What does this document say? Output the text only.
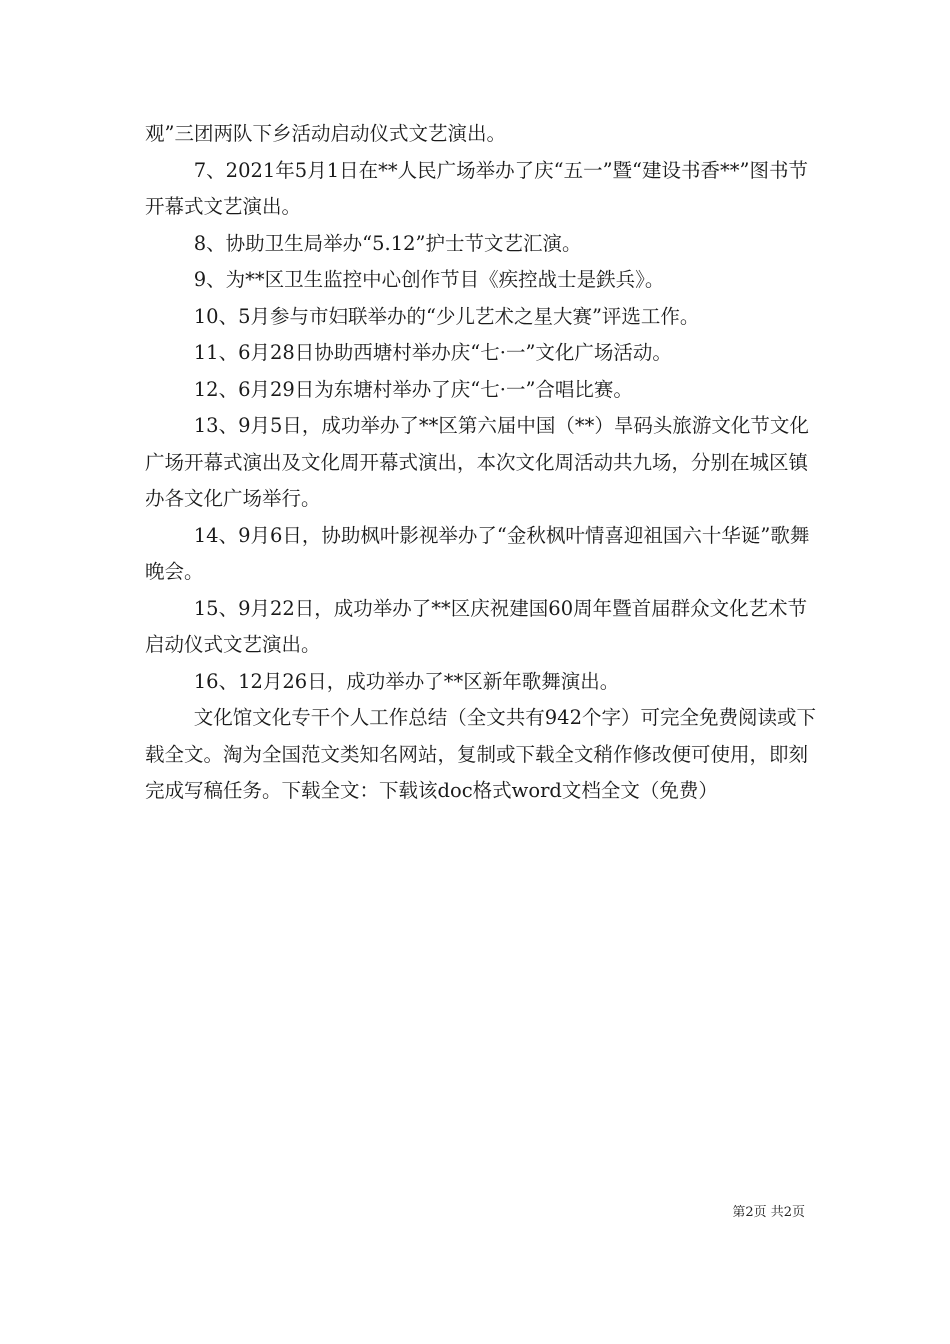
观”三团两队下乡活动启动仪式文艺演出。

7、2021年5月1日在**人民广场举办了庆“五一”暨“建设书香**”图书节开幕式文艺演出。

8、协助卫生局举办“5.12”护士节文艺汇演。

9、为**区卫生监控中心创作节目《疾控战士是鉄兵》。

10、5月参与市妇联举办的“少儿艺术之星大赛”评选工作。

11、6月28日协助西塘村举办庆“七·一”文化广场活动。

12、6月29日为东塘村举办了庆“七·一”合唱比赛。

13、9月5日，成功举办了**区第六届中国（**）旱码头旅游文化节文化广场开幕式演出及文化周开幕式演出，本次文化周活动共九场，分别在城区镇办各文化广场举行。

14、9月6日，协助枫叶影视举办了“金秋枫叶情喜迎祖国六十华诞”歌舞晚会。

15、9月22日，成功举办了**区庆祝建国60周年暨首届群众文化艺术节启动仪式文艺演出。

16、12月26日，成功举办了**区新年歌舞演出。

文化馆文化专干个人工作总结（全文共有942个字）可完全免费阅读或下载全文。淘为全国范文类知名网站，复制或下载全文稍作修改便可使用，即刻完成写稿任务。下载全文：下载该doc格式word文档全文（免费）

第2页 共2页
